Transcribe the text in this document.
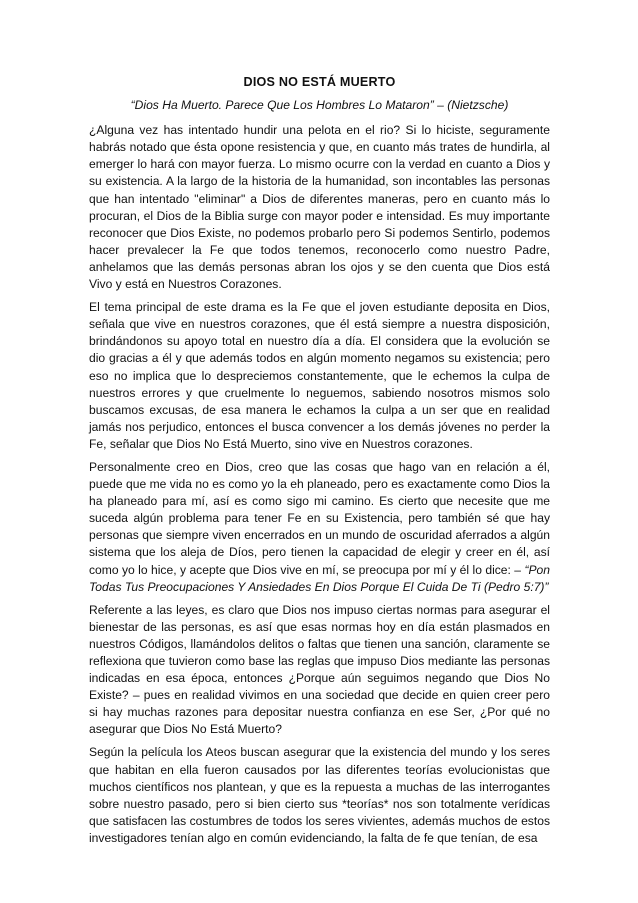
DIOS NO ESTÁ MUERTO
“Dios Ha Muerto. Parece Que Los Hombres Lo Mataron” – (Nietzsche)

¿Alguna vez has intentado hundir una pelota en el rio? Si lo hiciste, seguramente habrás notado que ésta opone resistencia y que, en cuanto más trates de hundirla, al emerger lo hará con mayor fuerza. Lo mismo ocurre con la verdad en cuanto a Dios y su existencia. A la largo de la historia de la humanidad, son incontables las personas que han intentado "eliminar" a Dios de diferentes maneras, pero en cuanto más lo procuran, el Dios de la Biblia surge con mayor poder e intensidad. Es muy importante reconocer que Dios Existe, no podemos probarlo pero Si podemos Sentirlo, podemos hacer prevalecer la Fe que todos tenemos, reconocerlo como nuestro Padre, anhelamos que las demás personas abran los ojos y se den cuenta que Dios está Vivo y está en Nuestros Corazones.

El tema principal de este drama es la Fe que el joven estudiante deposita en Dios, señala que vive en nuestros corazones, que él está siempre a nuestra disposición, brindándonos su apoyo total en nuestro día a día. El considera que la evolución se dio gracias a él y que además todos en algún momento negamos su existencia; pero eso no implica que lo despreciemos constantemente, que le echemos la culpa de nuestros errores y que cruelmente lo neguemos, sabiendo nosotros mismos solo buscamos excusas, de esa manera le echamos la culpa a un ser que en realidad jamás nos perjudico, entonces el busca convencer a los demás jóvenes no perder la Fe, señalar que Dios No Está Muerto, sino vive en Nuestros corazones.

Personalmente creo en Dios, creo que las cosas que hago van en relación a él, puede que me vida no es como yo la eh planeado, pero es exactamente como Dios la ha planeado para mí, así es como sigo mi camino. Es cierto que necesite que me suceda algún problema para tener Fe en su Existencia, pero también sé que hay personas que siempre viven encerrados en un mundo de oscuridad aferrados a algún sistema que los aleja de Díos, pero tienen la capacidad de elegir y creer en él, así como yo lo hice, y acepte que Dios vive en mí, se preocupa por mí y él lo dice: – “Pon Todas Tus Preocupaciones Y Ansiedades En Dios Porque El Cuida De Ti (Pedro 5:7)”

Referente a las leyes, es claro que Dios nos impuso ciertas normas para asegurar el bienestar de las personas, es así que esas normas hoy en día están plasmados en nuestros Códigos, llamándolos delitos o faltas que tienen una sanción, claramente se reflexiona que tuvieron como base las reglas que impuso Dios mediante las personas indicadas en esa época, entonces ¿Porque aún seguimos negando que Dios No Existe? – pues en realidad vivimos en una sociedad que decide en quien creer pero si hay muchas razones para depositar nuestra confianza en ese Ser, ¿Por qué no asegurar que Dios No Está Muerto?

Según la película los Ateos buscan asegurar que la existencia del mundo y los seres que habitan en ella fueron causados por las diferentes teorías evolucionistas que muchos científicos nos plantean, y que es la repuesta a muchas de las interrogantes sobre nuestro pasado, pero si bien cierto sus *teorías* nos son totalmente verídicas que satisfacen las costumbres de todos los seres vivientes, además muchos de estos investigadores tenían algo en común evidenciando, la falta de fe que tenían, de esa
